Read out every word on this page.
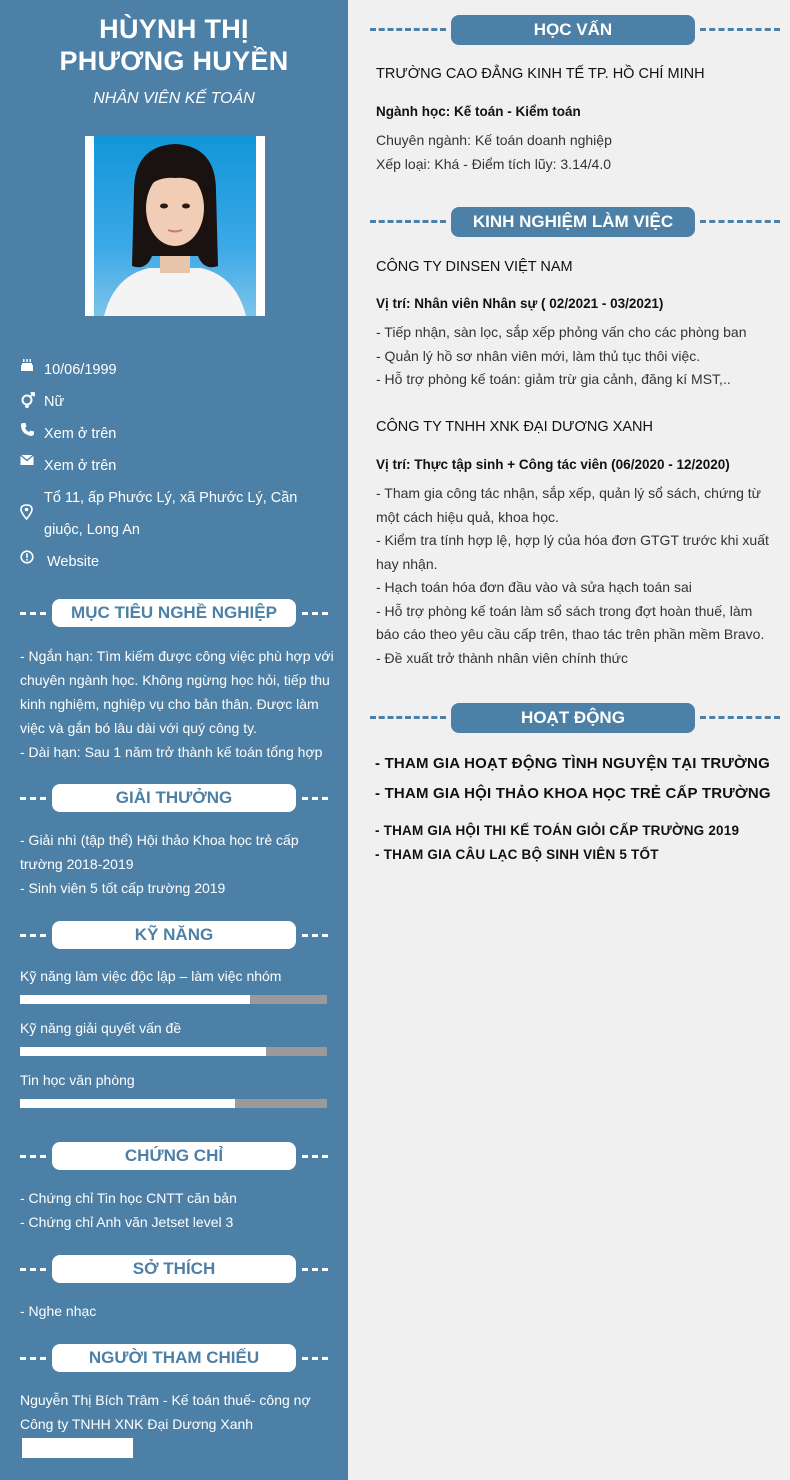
HÙYNH THỊ
PHƯƠNG HUYỀN
NHÂN VIÊN KẾ TOÁN
10/06/1999
Nữ
Xem ở trên
Xem ở trên
Tổ 11, ấp Phước Lý, xã Phước Lý, Cần
giuộc, Long An
Website
MỤC TIÊU NGHỀ NGHIỆP
- Ngắn hạn: Tìm kiếm được công việc phù hợp với
chuyên ngành học. Không ngừng học hỏi, tiếp thu
kinh nghiệm, nghiệp vụ cho bản thân. Được làm
việc và gắn bó lâu dài với quý công ty.
- Dài hạn: Sau 1 năm trở thành kế toán tổng hợp
GIẢI THƯỞNG
- Giải nhì (tập thể) Hội thảo Khoa học trẻ cấp
trường 2018-2019
- Sinh viên 5 tốt cấp trường 2019
KỸ NĂNG
Kỹ năng làm việc độc lập – làm việc nhóm
Kỹ năng giải quyết vấn đề
Tin học văn phòng
CHỨNG CHỈ
- Chứng chỉ Tin học CNTT căn bản
- Chứng chỉ Anh văn Jetset level 3
SỞ THÍCH
- Nghe nhạc
NGƯỜI THAM CHIẾU
Nguyễn Thị Bích Trâm - Kế toán thuế- công nợ
Công ty TNHH XNK Đại Dương Xanh
HỌC VẤN
TRƯỜNG CAO ĐẲNG KINH TẾ TP. HỒ CHÍ MINH
Ngành học: Kế toán - Kiểm toán
Chuyên ngành: Kế toán doanh nghiệp
Xếp loại: Khá - Điểm tích lũy: 3.14/4.0
KINH NGHIỆM LÀM VIỆC
CÔNG TY DINSEN VIỆT NAM
Vị trí: Nhân viên Nhân sự ( 02/2021 - 03/2021)
- Tiếp nhận, sàn lọc, sắp xếp phỏng vấn cho các phòng ban
- Quản lý hồ sơ nhân viên mới, làm thủ tục thôi việc.
- Hỗ trợ phòng kế toán: giảm trừ gia cảnh, đăng kí MST,..
CÔNG TY TNHH XNK ĐẠI DƯƠNG XANH
Vị trí: Thực tập sinh + Công tác viên (06/2020 - 12/2020)
- Tham gia công tác nhận, sắp xếp, quản lý sổ sách, chứng từ
một cách hiệu quả, khoa học.
- Kiểm tra tính hợp lệ, hợp lý của hóa đơn GTGT trước khi xuất
hay nhận.
- Hạch toán hóa đơn đầu vào và sửa hạch toán sai
- Hỗ trợ phòng kế toán làm sổ sách trong đợt hoàn thuế, làm
báo cáo theo yêu cầu cấp trên, thao tác trên phần mềm Bravo.
- Đề xuất trở thành nhân viên chính thức
HOẠT ĐỘNG
- THAM GIA HOẠT ĐỘNG TÌNH NGUYỆN TẠI TRƯỜNG
- THAM GIA HỘI THẢO KHOA HỌC TRẺ CẤP TRƯỜNG
- THAM GIA HỘI THI KẾ TOÁN GIỎI CẤP TRƯỜNG 2019
- THAM GIA CÂU LẠC BỘ SINH VIÊN 5 TỐT
